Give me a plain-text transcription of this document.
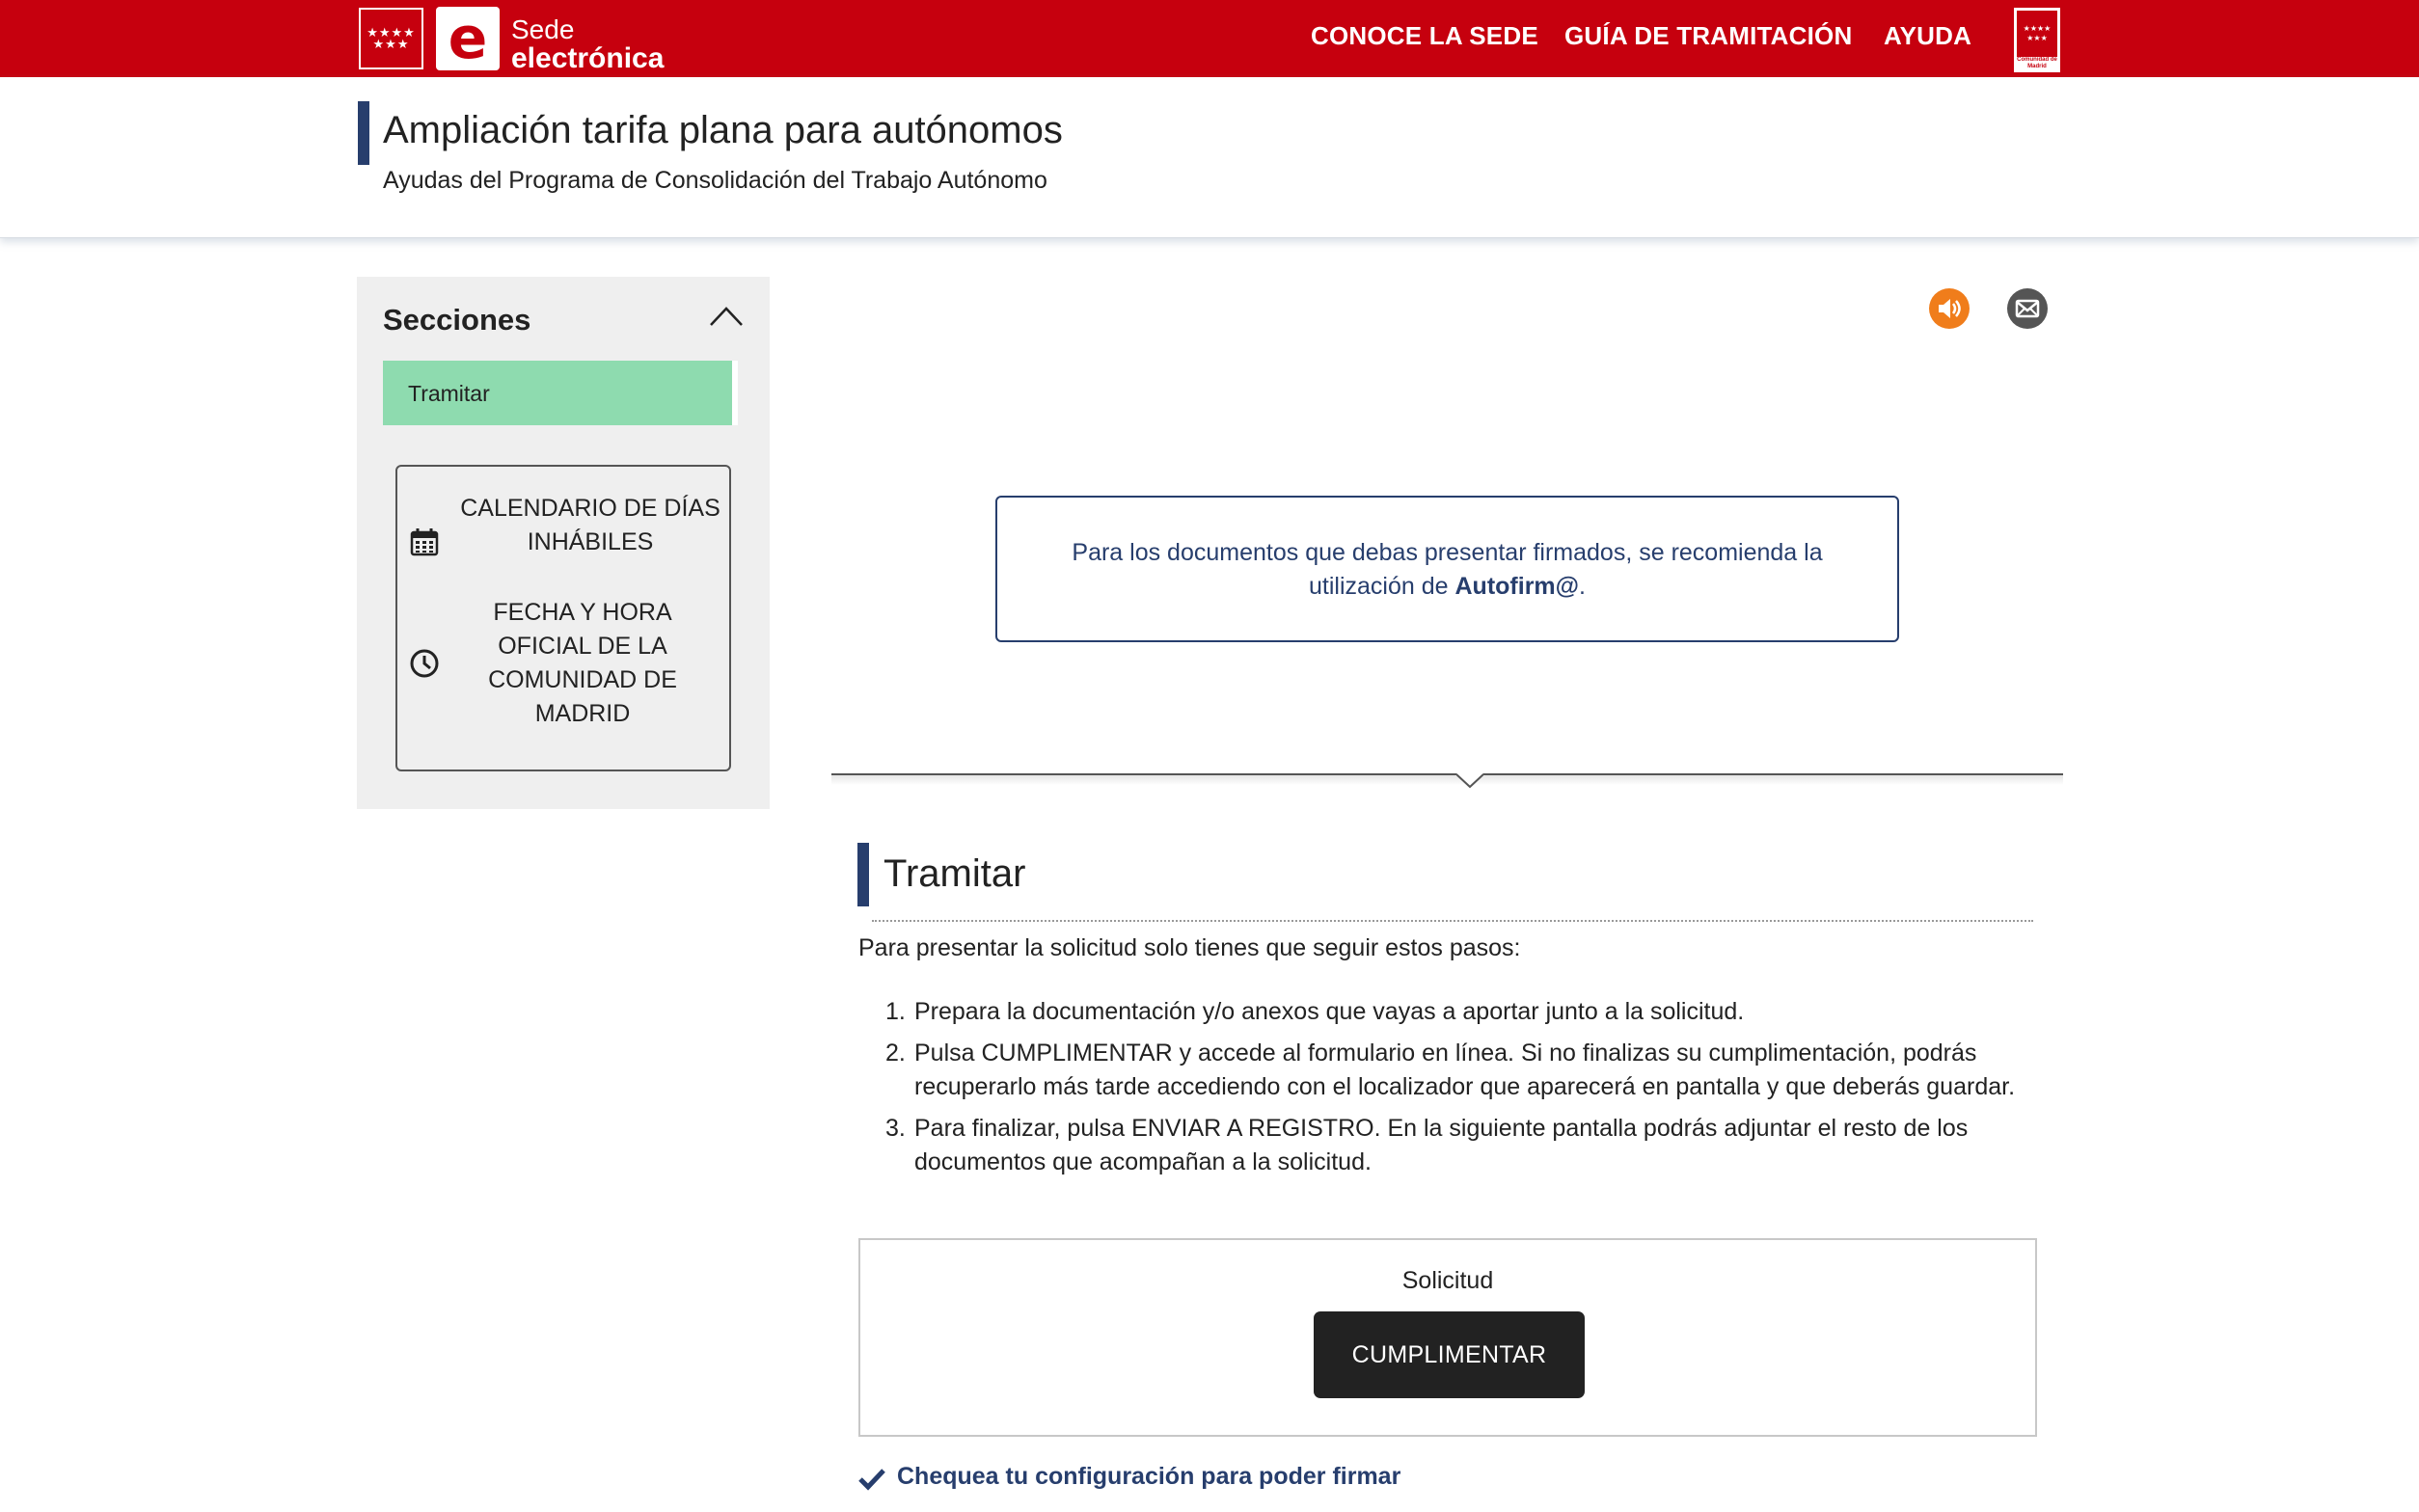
★★★★ ★★★ e Sede
electrónica
CONOCE LA SEDE GUÍA DE TRAMITACIÓN AYUDA	★★★★ ★★★
Comunidad de Madrid
Ampliación tarifa plana para autónomos
Ayudas del Programa de Consolidación del Trabajo Autónomo
Secciones
Tramitar
CALENDARIO DE DÍAS INHÁBILES
FECHA Y HORA OFICIAL DE LA COMUNIDAD DE MADRID

Para los documentos que debas presentar firmados, se recomienda la utilización de Autofirm@.

Tramitar
Para presentar la solicitud solo tienes que seguir estos pasos:
1. Prepara la documentación y/o anexos que vayas a aportar junto a la solicitud.
2. Pulsa CUMPLIMENTAR y accede al formulario en línea. Si no finalizas su cumplimentación, podrás recuperarlo más tarde accediendo con el localizador que aparecerá en pantalla y que deberás guardar.
3. Para finalizar, pulsa ENVIAR A REGISTRO. En la siguiente pantalla podrás adjuntar el resto de los documentos que acompañan a la solicitud.
Solicitud
CUMPLIMENTAR
Chequea tu configuración para poder firmar
